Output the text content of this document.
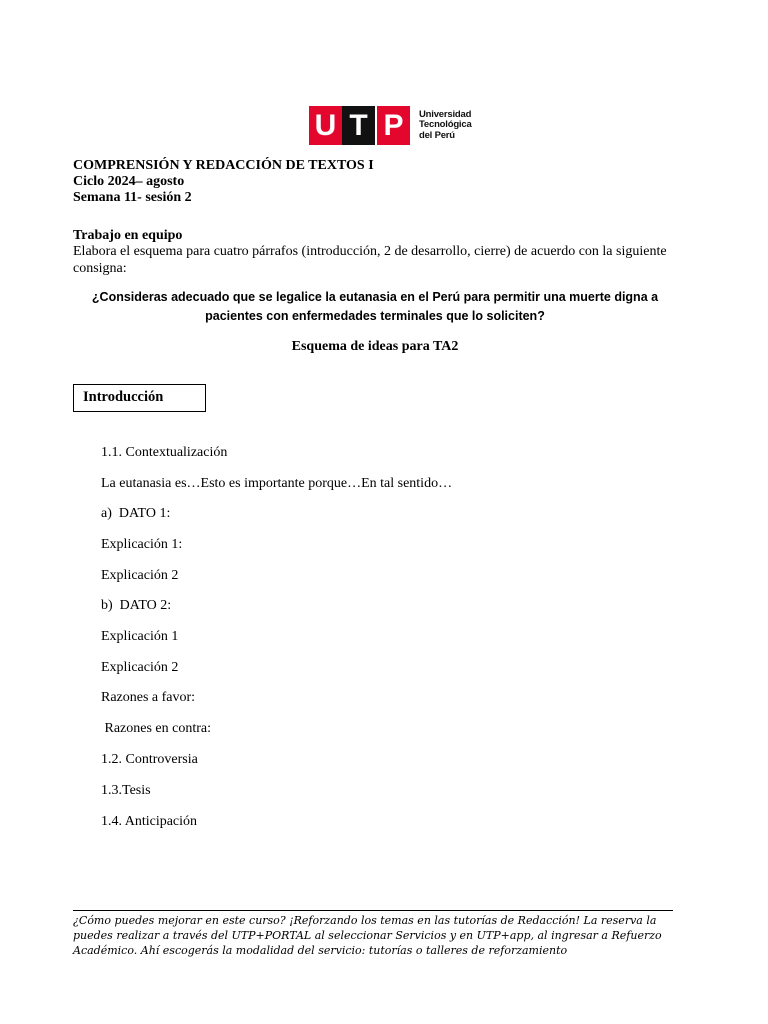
U T P	Universidad
Tecnológica
del Perú
COMPRENSIÓN Y REDACCIÓN DE TEXTOS I
Ciclo 2024– agosto
Semana 11- sesión 2
Trabajo en equipo
Elabora el esquema para cuatro párrafos (introducción, 2 de desarrollo, cierre) de acuerdo con la siguiente consigna:
¿Consideras adecuado que se legalice la eutanasia en el Perú para permitir una muerte digna a pacientes con enfermedades terminales que lo soliciten?
Esquema de ideas para TA2
Introducción
1.1. Contextualización
La eutanasia es…Esto es importante porque…En tal sentido…
a)  DATO 1:
Explicación 1:
Explicación 2
b)  DATO 2:
Explicación 1
Explicación 2
Razones a favor:
Razones en contra:
1.2. Controversia
1.3.Tesis
1.4. Anticipación
¿Cómo puedes mejorar en este curso? ¡Reforzando los temas en las tutorías de Redacción! La reserva la puedes realizar a través del UTP+PORTAL al seleccionar Servicios y en UTP+app, al ingresar a Refuerzo Académico. Ahí escogerás la modalidad del servicio: tutorías o talleres de reforzamiento
